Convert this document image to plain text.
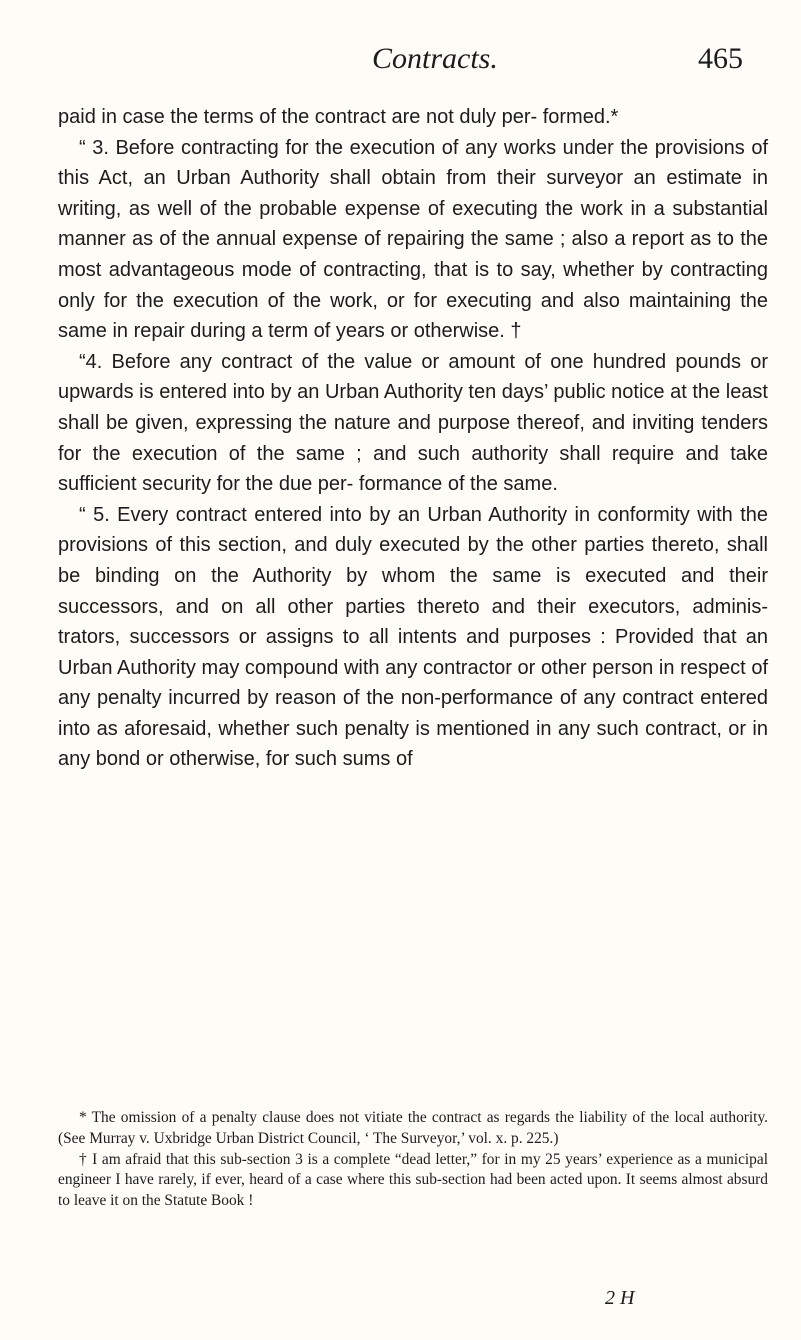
Contracts.	465

paid in case the terms of the contract are not duly per- formed.*

“ 3. Before contracting for the execution of any works under the provisions of this Act, an Urban Authority shall obtain from their surveyor an estimate in writing, as well of the probable expense of executing the work in a substantial manner as of the annual expense of repairing the same ; also a report as to the most advantageous mode of contracting, that is to say, whether by contracting only for the execution of the work, or for executing and also maintaining the same in repair during a term of years or otherwise. †

“4. Before any contract of the value or amount of one hundred pounds or upwards is entered into by an Urban Authority ten days’ public notice at the least shall be given, expressing the nature and purpose thereof, and inviting tenders for the execution of the same ; and such authority shall require and take sufficient security for the due per- formance of the same.

“ 5. Every contract entered into by an Urban Authority in conformity with the provisions of this section, and duly executed by the other parties thereto, shall be binding on the Authority by whom the same is executed and their successors, and on all other parties thereto and their executors, adminis- trators, successors or assigns to all intents and purposes : Provided that an Urban Authority may compound with any contractor or other person in respect of any penalty incurred by reason of the non-performance of any contract entered into as aforesaid, whether such penalty is mentioned in any such contract, or in any bond or otherwise, for such sums of

* The omission of a penalty clause does not vitiate the contract as regards the liability of the local authority. (See Murray v. Uxbridge Urban District Council, ‘ The Surveyor,’ vol. x. p. 225.)

† I am afraid that this sub-section 3 is a complete “dead letter,” for in my 25 years’ experience as a municipal engineer I have rarely, if ever, heard of a case where this sub-section had been acted upon. It seems almost absurd to leave it on the Statute Book !

2 H
